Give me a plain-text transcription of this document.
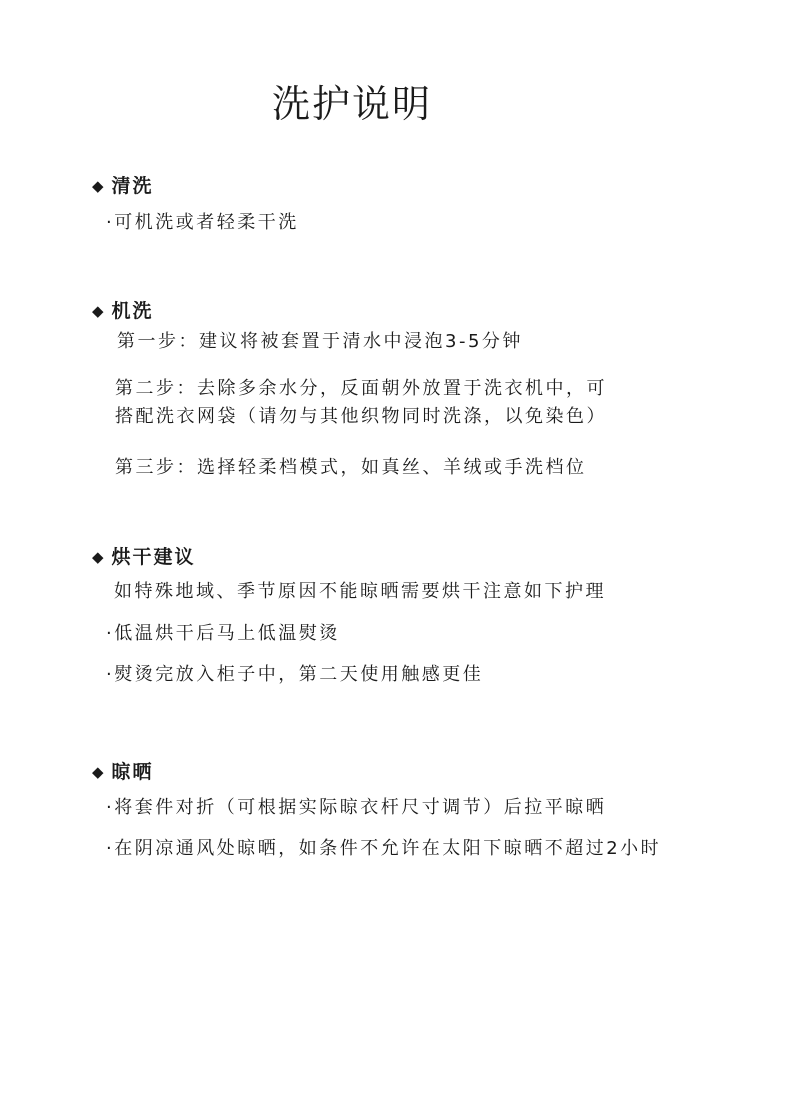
洗护说明
◆ 清洗
·可机洗或者轻柔干洗
◆ 机洗
第一步：建议将被套置于清水中浸泡3-5分钟
第二步：去除多余水分，反面朝外放置于洗衣机中，可
搭配洗衣网袋（请勿与其他织物同时洗涤，以免染色）
第三步：选择轻柔档模式，如真丝、羊绒或手洗档位
◆ 烘干建议
如特殊地域、季节原因不能晾晒需要烘干注意如下护理
·低温烘干后马上低温熨烫
·熨烫完放入柜子中，第二天使用触感更佳
◆ 晾晒
·将套件对折（可根据实际晾衣杆尺寸调节）后拉平晾晒
·在阴凉通风处晾晒，如条件不允许在太阳下晾晒不超过2小时
